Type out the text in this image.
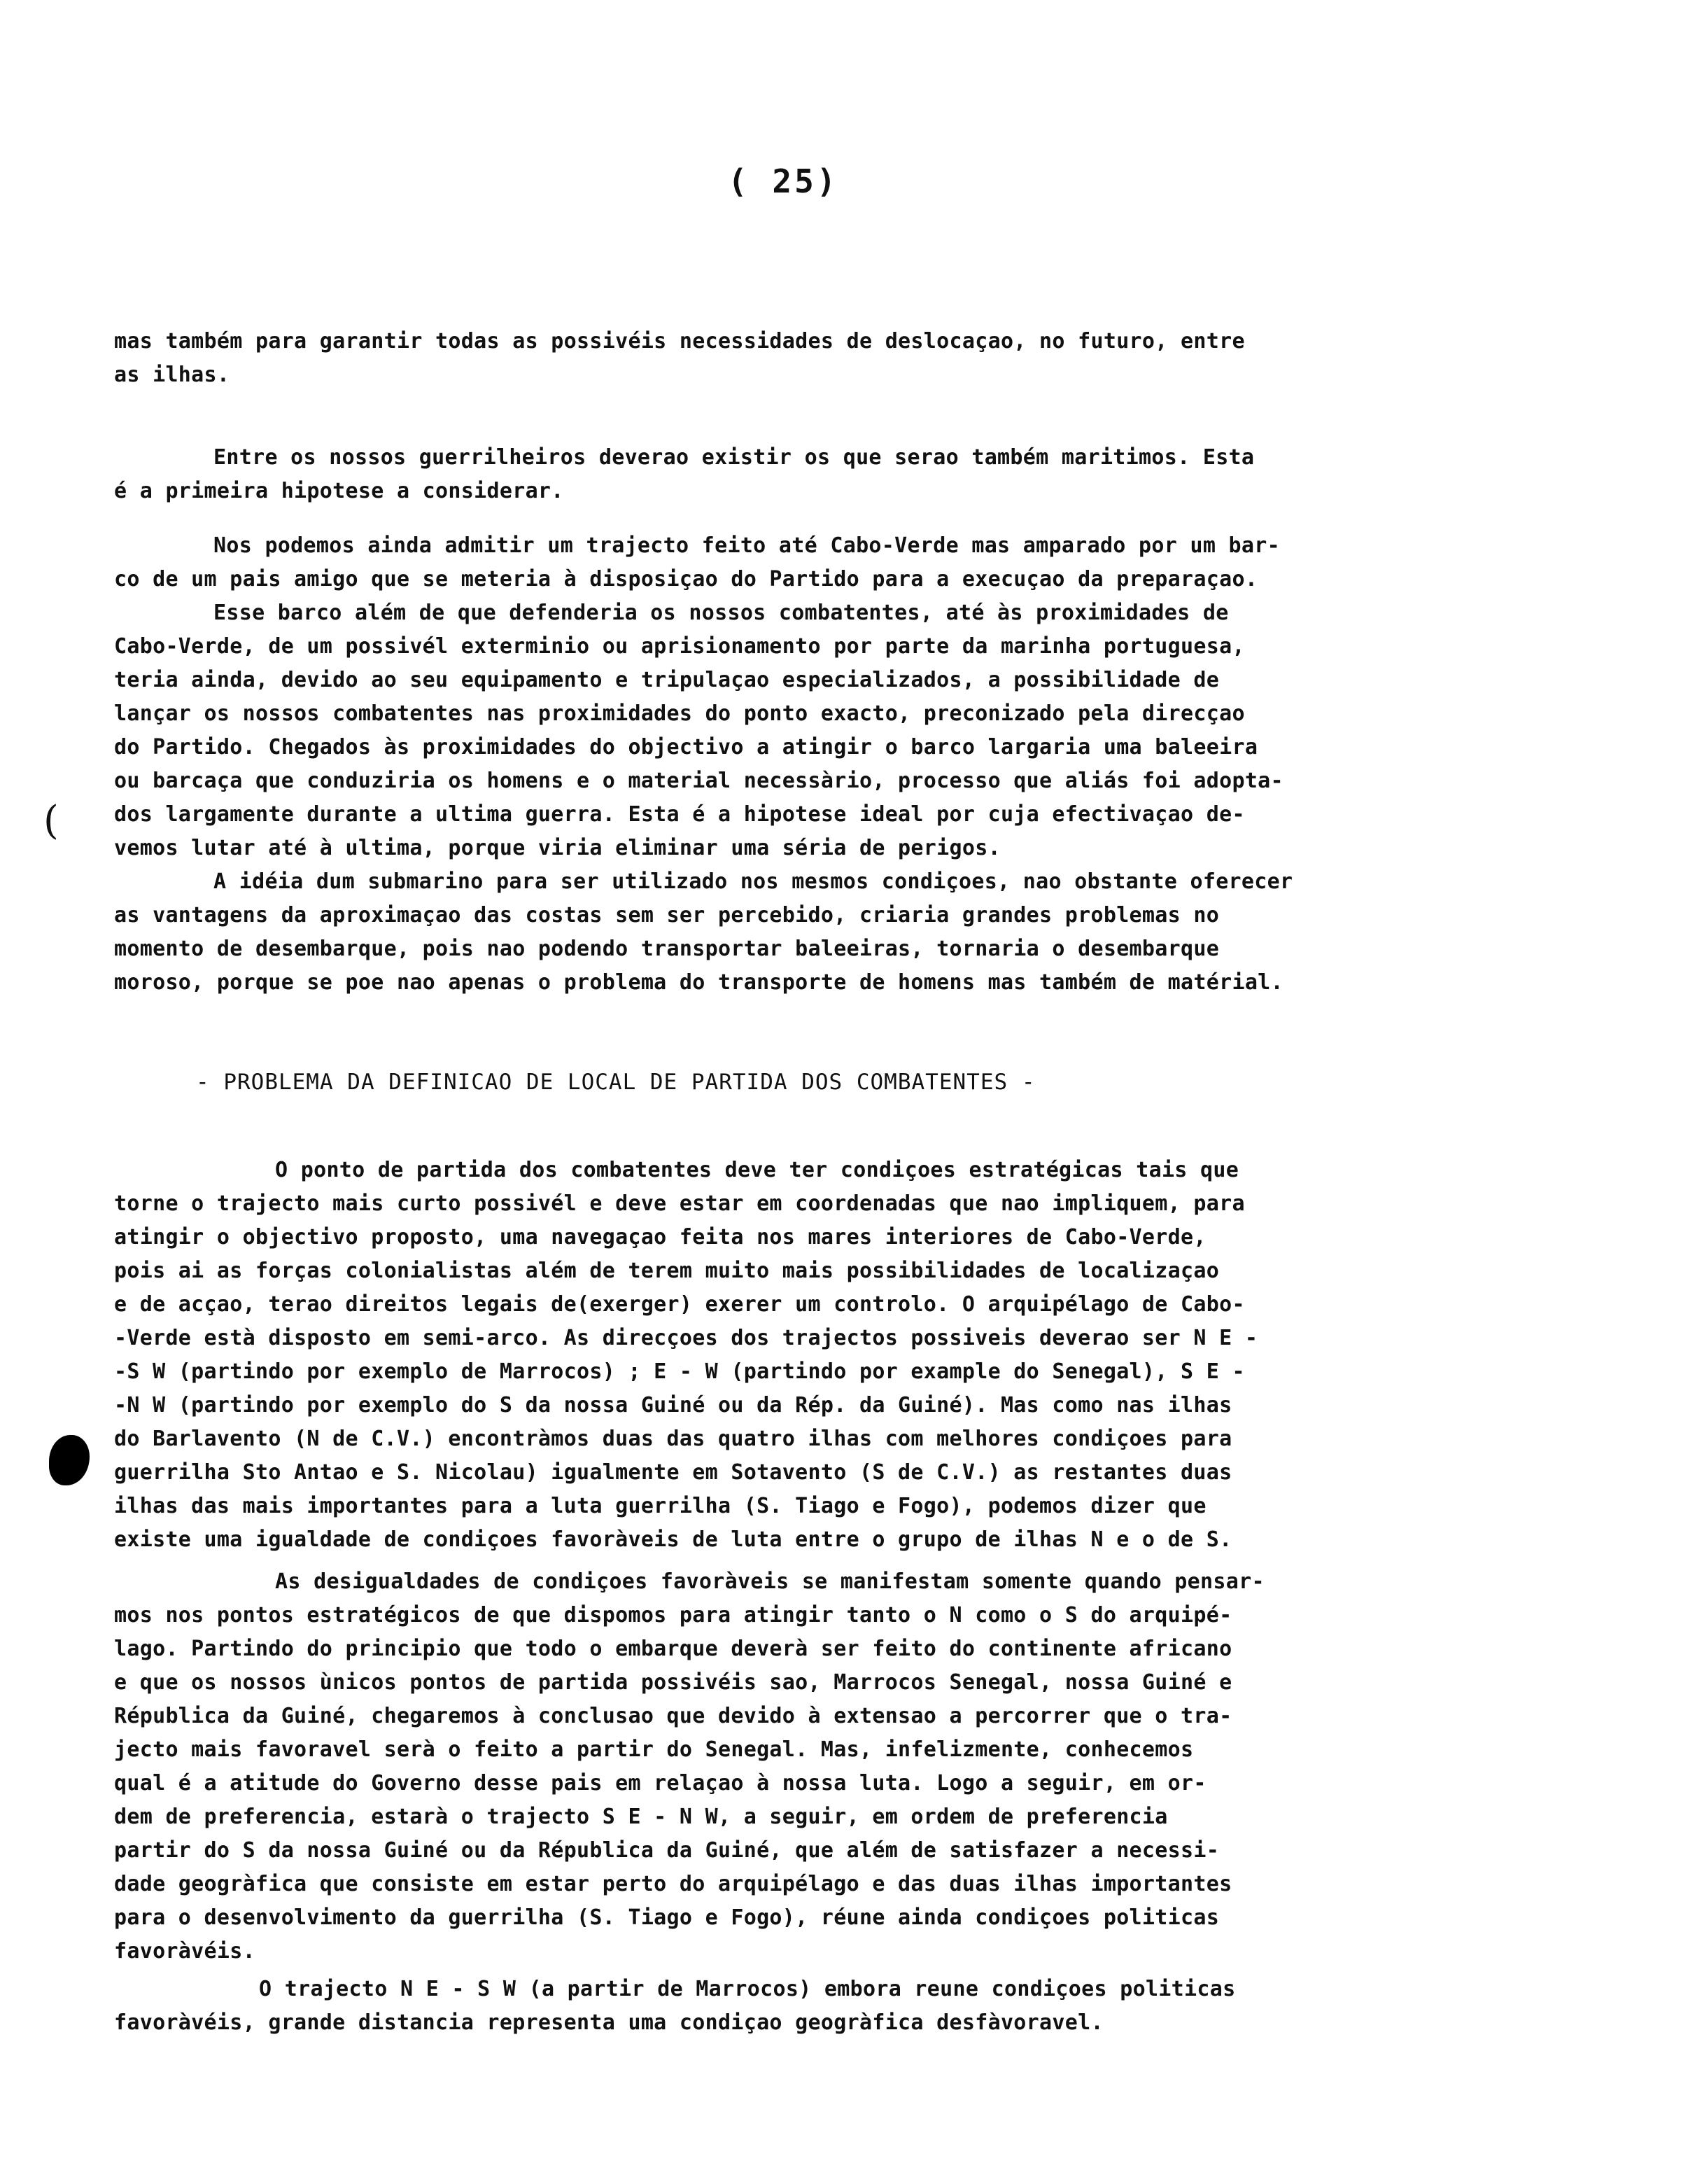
( 25)
(
mas também para garantir todas as possivéis necessidades de deslocaçao, no futuro, entre
as ilhas.
Entre os nossos guerrilheiros deverao existir os que serao também maritimos. Esta
é a primeira hipotese a considerar.
Nos podemos ainda admitir um trajecto feito até Cabo-Verde mas amparado por um bar-
co de um pais amigo que se meteria à disposiçao do Partido para a execuçao da preparaçao.
Esse barco além de que defenderia os nossos combatentes, até às proximidades de
Cabo-Verde, de um possivél exterminio ou aprisionamento por parte da marinha portuguesa,
teria ainda, devido ao seu equipamento e tripulaçao especializados, a possibilidade de
lançar os nossos combatentes nas proximidades do ponto exacto, preconizado pela direcçao
do Partido. Chegados às proximidades do objectivo a atingir o barco largaria uma baleeira
ou barcaça que conduziria os homens e o material necessàrio, processo que aliás foi adopta-
dos largamente durante a ultima guerra. Esta é a hipotese ideal por cuja efectivaçao de-
vemos lutar até à ultima, porque viria eliminar uma séria de perigos.
A idéia dum submarino para ser utilizado nos mesmos condiçoes, nao obstante oferecer
as vantagens da aproximaçao das costas sem ser percebido, criaria grandes problemas no
momento de desembarque, pois nao podendo transportar baleeiras, tornaria o desembarque
moroso, porque se poe nao apenas o problema do transporte de homens mas também de matérial.
- PROBLEMA DA DEFINICAO DE LOCAL DE PARTIDA DOS COMBATENTES -
O ponto de partida dos combatentes deve ter condiçoes estratégicas tais que
torne o trajecto mais curto possivél e deve estar em coordenadas que nao impliquem, para
atingir o objectivo proposto, uma navegaçao feita nos mares interiores de Cabo-Verde,
pois ai as forças colonialistas além de terem muito mais possibilidades de localizaçao
e de acçao, terao direitos legais de(exerger) exerer um controlo. O arquipélago de Cabo-
-Verde està disposto em semi-arco. As direcçoes dos trajectos possiveis deverao ser N E -
-S W (partindo por exemplo de Marrocos) ; E - W (partindo por example do Senegal), S E -
-N W (partindo por exemplo do S da nossa Guiné ou da Rép. da Guiné). Mas como nas ilhas
do Barlavento (N de C.V.) encontràmos duas das quatro ilhas com melhores condiçoes para
guerrilha Sto Antao e S. Nicolau) igualmente em Sotavento (S de C.V.) as restantes duas
ilhas das mais importantes para a luta guerrilha (S. Tiago e Fogo), podemos dizer que
existe uma igualdade de condiçoes favoràveis de luta entre o grupo de ilhas N e o de S.
As desigualdades de condiçoes favoràveis se manifestam somente quando pensar-
mos nos pontos estratégicos de que dispomos para atingir tanto o N como o S do arquipé-
lago. Partindo do principio que todo o embarque deverà ser feito do continente africano
e que os nossos ùnicos pontos de partida possivéis sao, Marrocos Senegal, nossa Guiné e
Républica da Guiné, chegaremos à conclusao que devido à extensao a percorrer que o tra-
jecto mais favoravel serà o feito a partir do Senegal. Mas, infelizmente, conhecemos
qual é a atitude do Governo desse pais em relaçao à nossa luta. Logo a seguir, em or-
dem de preferencia, estarà o trajecto S E - N W, a seguir, em ordem de preferencia
partir do S da nossa Guiné ou da Républica da Guiné, que além de satisfazer a necessi-
dade geogràfica que consiste em estar perto do arquipélago e das duas ilhas importantes
para o desenvolvimento da guerrilha (S. Tiago e Fogo), réune ainda condiçoes politicas
favoràvéis.
O trajecto N E - S W (a partir de Marrocos) embora reune condiçoes politicas
favoràvéis, grande distancia representa uma condiçao geogràfica desfàvoravel.
